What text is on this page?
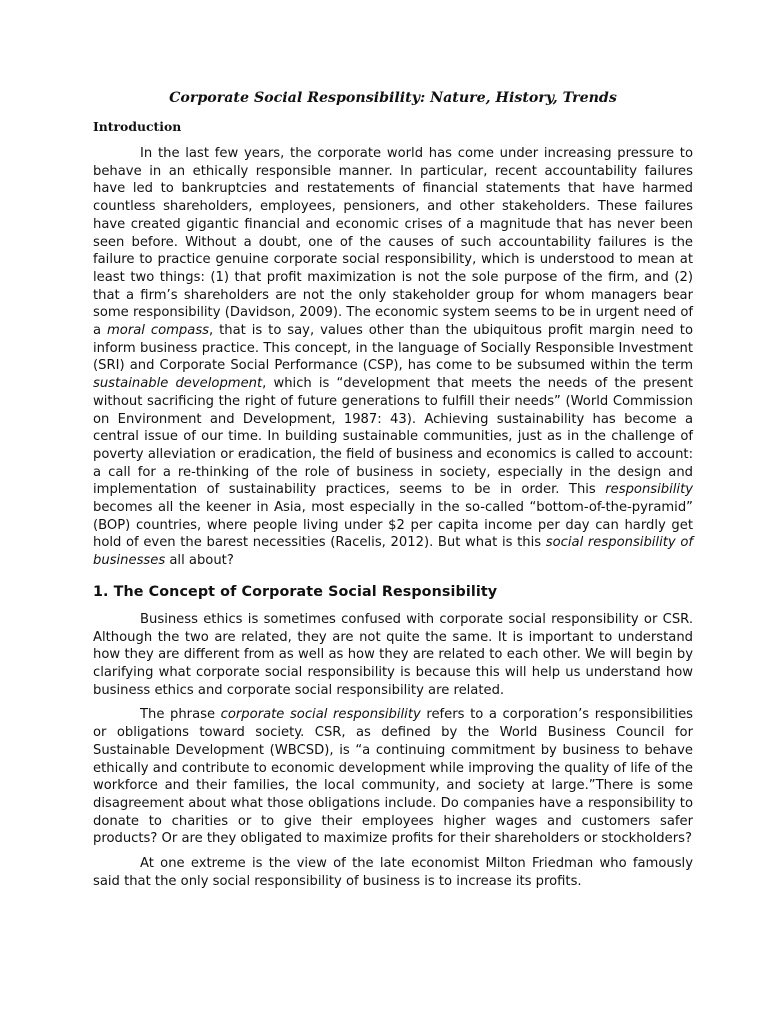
Corporate Social Responsibility: Nature, History, Trends
Introduction

In the last few years, the corporate world has come under increasing pressure to behave in an ethically responsible manner. In particular, recent accountability failures have led to bankruptcies and restatements of financial statements that have harmed countless shareholders, employees, pensioners, and other stakeholders. These failures have created gigantic financial and economic crises of a magnitude that has never been seen before. Without a doubt, one of the causes of such accountability failures is the failure to practice genuine corporate social responsibility, which is understood to mean at least two things: (1) that profit maximization is not the sole purpose of the firm, and (2) that a firm’s shareholders are not the only stakeholder group for whom managers bear some responsibility (Davidson, 2009). The economic system seems to be in urgent need of a moral compass, that is to say, values other than the ubiquitous profit margin need to inform business practice. This concept, in the language of Socially Responsible Investment (SRI) and Corporate Social Performance (CSP), has come to be subsumed within the term sustainable development, which is “development that meets the needs of the present without sacrificing the right of future generations to fulfill their needs” (World Commission on Environment and Development, 1987: 43). Achieving sustainability has become a central issue of our time. In building sustainable communities, just as in the challenge of poverty alleviation or eradication, the field of business and economics is called to account: a call for a re-thinking of the role of business in society, especially in the design and implementation of sustainability practices, seems to be in order. This responsibility becomes all the keener in Asia, most especially in the so-called “bottom-of-the-pyramid” (BOP) countries, where people living under $2 per capita income per day can hardly get hold of even the barest necessities (Racelis, 2012). But what is this social responsibility of businesses all about?

1. The Concept of Corporate Social Responsibility

Business ethics is sometimes confused with corporate social responsibility or CSR. Although the two are related, they are not quite the same. It is important to understand how they are different from as well as how they are related to each other. We will begin by clarifying what corporate social responsibility is because this will help us understand how business ethics and corporate social responsibility are related.

The phrase corporate social responsibility refers to a corporation’s responsibilities or obligations toward society. CSR, as defined by the World Business Council for Sustainable Development (WBCSD), is “a continuing commitment by business to behave ethically and contribute to economic development while improving the quality of life of the workforce and their families, the local community, and society at large.”There is some disagreement about what those obligations include. Do companies have a responsibility to donate to charities or to give their employees higher wages and customers safer products? Or are they obligated to maximize profits for their shareholders or stockholders?

At one extreme is the view of the late economist Milton Friedman who famously said that the only social responsibility of business is to increase its profits.
